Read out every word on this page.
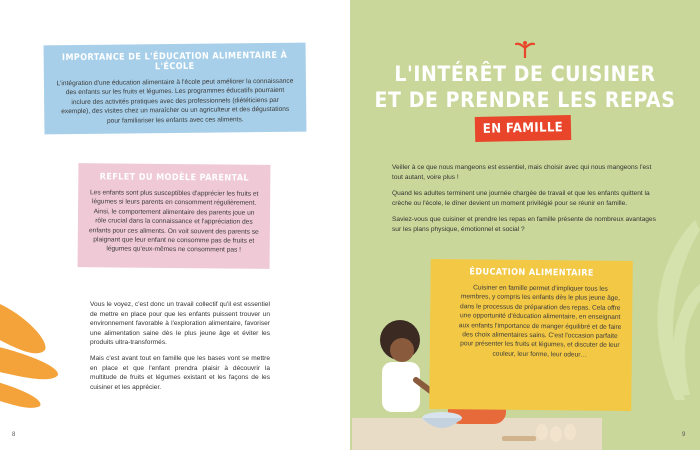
IMPORTANCE DE L'ÉDUCATION ALIMENTAIRE À L'ÉCOLE
L'intégration d'une éducation alimentaire à l'école peut améliorer la connaissance des enfants sur les fruits et légumes. Les programmes éducatifs pourraient inclure des activités pratiques avec des professionnels (diététiciens par exemple), des visites chez un maraîcher ou un agriculteur et des dégustations pour familiariser les enfants avec ces aliments.
REFLET DU MODÈLE PARENTAL
Les enfants sont plus susceptibles d'apprécier les fruits et légumes si leurs parents en consomment régulièrement. Ainsi, le comportement alimentaire des parents joue un rôle crucial dans la connaissance et l'appréciation des enfants pour ces aliments. On voit souvent des parents se plaignant que leur enfant ne consomme pas de fruits et légumes qu'eux-mêmes ne consomment pas !

Vous le voyez, c'est donc un travail collectif qu'il est essentiel de mettre en place pour que les enfants puissent trouver un environnement favorable à l'exploration alimentaire, favoriser une alimentation saine dès le plus jeune âge et éviter les produits ultra-transformés.

Mais c'est avant tout en famille que les bases vont se mettre en place et que l'enfant prendra plaisir à découvrir la multitude de fruits et légumes existant et les façons de les cuisiner et les apprécier.

8
L'INTÉRÊT DE CUISINER
ET DE PRENDRE LES REPAS
EN FAMILLE

Veiller à ce que nous mangeons est essentiel, mais choisir avec qui nous mangeons l'est tout autant, voire plus !

Quand les adultes terminent une journée chargée de travail et que les enfants quittent la crèche ou l'école, le dîner devient un moment privilégié pour se réunir en famille.

Saviez-vous que cuisiner et prendre les repas en famille présente de nombreux avantages sur les plans physique, émotionnel et social ?

ÉDUCATION ALIMENTAIRE
Cuisiner en famille permet d'impliquer tous les membres, y compris les enfants dès le plus jeune âge, dans le processus de préparation des repas. Cela offre une opportunité d'éducation alimentaire, en enseignant aux enfants l'importance de manger équilibré et de faire des choix alimentaires sains. C'est l'occasion parfaite pour présenter les fruits et légumes, et discuter de leur couleur, leur forme, leur odeur…
9
